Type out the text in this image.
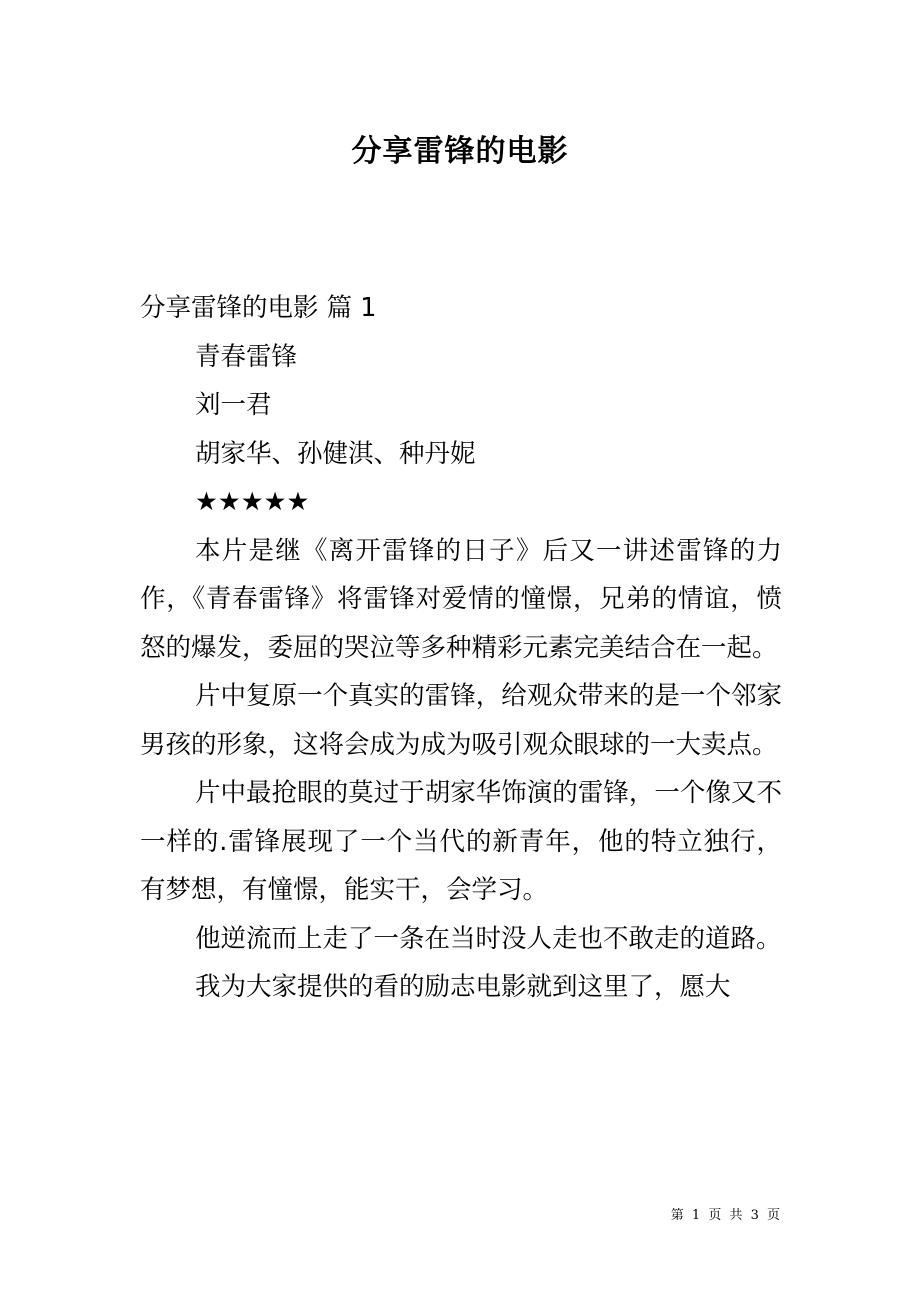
分享雷锋的电影

分享雷锋的电影 篇 1

青春雷锋

刘一君

胡家华、孙健淇、种丹妮

★★★★★

本片是继《离开雷锋的日子》后又一讲述雷锋的力作，《青春雷锋》将雷锋对爱情的憧憬，兄弟的情谊，愤怒的爆发，委屈的哭泣等多种精彩元素完美结合在一起。

片中复原一个真实的雷锋，给观众带来的是一个邻家男孩的形象，这将会成为成为吸引观众眼球的一大卖点。

片中最抢眼的莫过于胡家华饰演的雷锋，一个像又不一样的.雷锋展现了一个当代的新青年，他的特立独行，有梦想，有憧憬，能实干，会学习。

他逆流而上走了一条在当时没人走也不敢走的道路。

我为大家提供的看的励志电影就到这里了，愿大

第 1 页 共 3 页
